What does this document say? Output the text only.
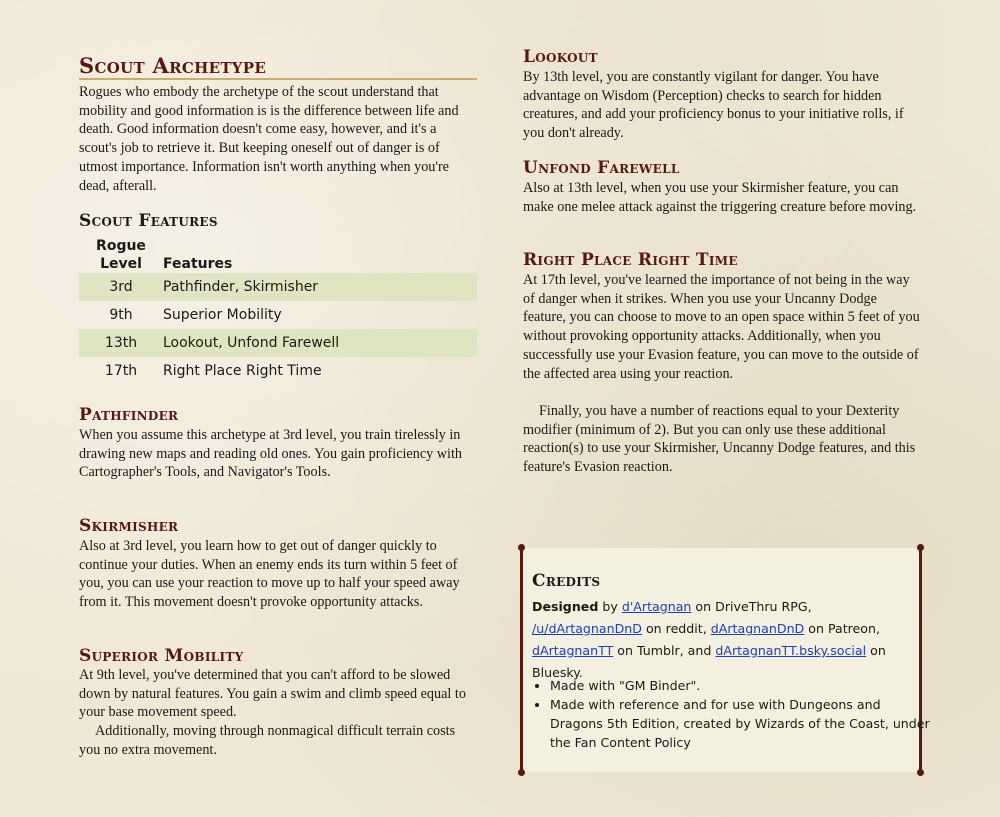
Scout Archetype

Rogues who embody the archetype of the scout understand that mobility and good information is is the difference between life and death. Good information doesn't come easy, however, and it's a scout's job to retrieve it. But keeping oneself out of danger is of utmost importance. Information isn't worth anything when you're dead, afterall.

Scout Features
Rogue
Level	Features
3rd	Pathfinder, Skirmisher
9th	Superior Mobility
13th	Lookout, Unfond Farewell
17th	Right Place Right Time
Pathfinder

When you assume this archetype at 3rd level, you train tirelessly in drawing new maps and reading old ones. You gain proficiency with Cartographer's Tools, and Navigator's Tools.

Skirmisher

Also at 3rd level, you learn how to get out of danger quickly to continue your duties. When an enemy ends its turn within 5 feet of you, you can use your reaction to move up to half your speed away from it. This movement doesn't provoke opportunity attacks.

Superior Mobility

At 9th level, you've determined that you can't afford to be slowed down by natural features. You gain a swim and climb speed equal to your base movement speed.

Additionally, moving through nonmagical difficult terrain costs you no extra movement.

Lookout

By 13th level, you are constantly vigilant for danger. You have advantage on Wisdom (Perception) checks to search for hidden creatures, and add your proficiency bonus to your initiative rolls, if you don't already.

Unfond Farewell

Also at 13th level, when you use your Skirmisher feature, you can make one melee attack against the triggering creature before moving.

Right Place Right Time

At 17th level, you've learned the importance of not being in the way of danger when it strikes. When you use your Uncanny Dodge feature, you can choose to move to an open space within 5 feet of you without provoking opportunity attacks. Additionally, when you successfully use your Evasion feature, you can move to the outside of the affected area using your reaction.

Finally, you have a number of reactions equal to your Dexterity modifier (minimum of 2). But you can only use these additional reaction(s) to use your Skirmisher, Uncanny Dodge features, and this feature's Evasion reaction.

Credits

Designed by d'Artagnan on DriveThru RPG, /u/dArtagnanDnD on reddit, dArtagnanDnD on Patreon, dArtagnanTT on Tumblr, and dArtagnanTT.bsky.social on Bluesky.

• Made with "GM Binder".
• Made with reference and for use with Dungeons and Dragons 5th Edition, created by Wizards of the Coast, under the Fan Content Policy
